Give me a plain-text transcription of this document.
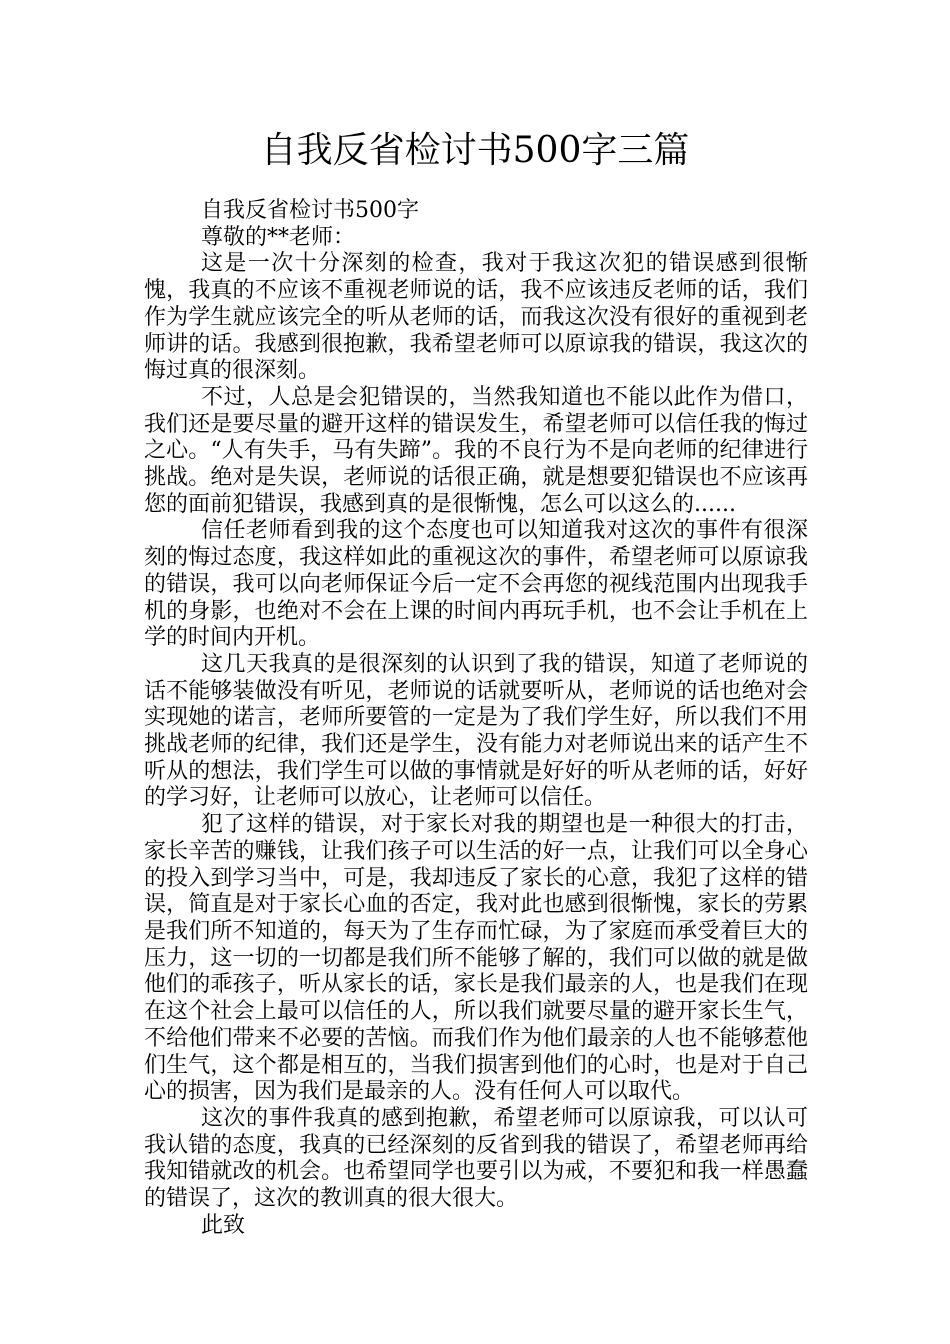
自我反省检讨书500字三篇

自我反省检讨书500字

尊敬的**老师：

这是一次十分深刻的检查，我对于我这次犯的错误感到很惭愧，我真的不应该不重视老师说的话，我不应该违反老师的话，我们作为学生就应该完全的听从老师的话，而我这次没有很好的重视到老师讲的话。我感到很抱歉，我希望老师可以原谅我的错误，我这次的悔过真的很深刻。

不过，人总是会犯错误的，当然我知道也不能以此作为借口，我们还是要尽量的避开这样的错误发生，希望老师可以信任我的悔过之心。“人有失手，马有失蹄”。我的不良行为不是向老师的纪律进行挑战。绝对是失误，老师说的话很正确，就是想要犯错误也不应该再您的面前犯错误，我感到真的是很惭愧，怎么可以这么的......

信任老师看到我的这个态度也可以知道我对这次的事件有很深刻的悔过态度，我这样如此的重视这次的事件，希望老师可以原谅我的错误，我可以向老师保证今后一定不会再您的视线范围内出现我手机的身影，也绝对不会在上课的时间内再玩手机，也不会让手机在上学的时间内开机。

这几天我真的是很深刻的认识到了我的错误，知道了老师说的话不能够装做没有听见，老师说的话就要听从，老师说的话也绝对会实现她的诺言，老师所要管的一定是为了我们学生好，所以我们不用挑战老师的纪律，我们还是学生，没有能力对老师说出来的话产生不听从的想法，我们学生可以做的事情就是好好的听从老师的话，好好的学习好，让老师可以放心，让老师可以信任。

犯了这样的错误，对于家长对我的期望也是一种很大的打击，家长辛苦的赚钱，让我们孩子可以生活的好一点，让我们可以全身心的投入到学习当中，可是，我却违反了家长的心意，我犯了这样的错误，简直是对于家长心血的否定，我对此也感到很惭愧，家长的劳累是我们所不知道的，每天为了生存而忙碌，为了家庭而承受着巨大的压力，这一切的一切都是我们所不能够了解的，我们可以做的就是做他们的乖孩子，听从家长的话，家长是我们最亲的人，也是我们在现在这个社会上最可以信任的人，所以我们就要尽量的避开家长生气，不给他们带来不必要的苦恼。而我们作为他们最亲的人也不能够惹他们生气，这个都是相互的，当我们损害到他们的心时，也是对于自己心的损害，因为我们是最亲的人。没有任何人可以取代。

这次的事件我真的感到抱歉，希望老师可以原谅我，可以认可我认错的态度，我真的已经深刻的反省到我的错误了，希望老师再给我知错就改的机会。也希望同学也要引以为戒，不要犯和我一样愚蠢的错误了，这次的教训真的很大很大。

此致
